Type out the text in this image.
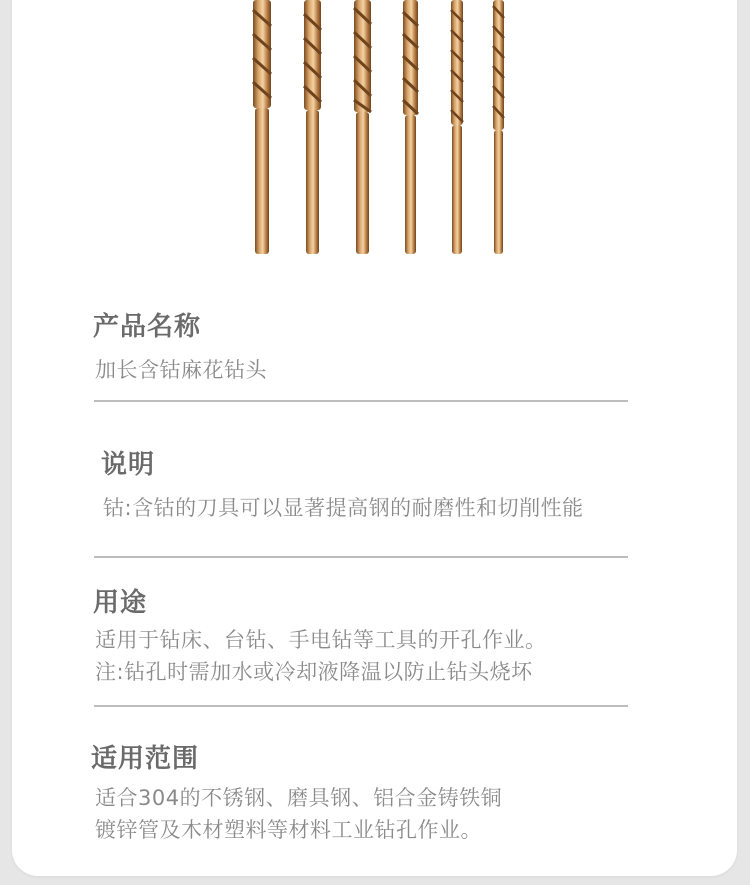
产品名称
加长含钴麻花钻头
说明
钴:含钴的刀具可以显著提高钢的耐磨性和切削性能
用途
适用于钻床、台钻、手电钻等工具的开孔作业。
注:钻孔时需加水或冷却液降温以防止钻头烧坏
适用范围
适合304的不锈钢、磨具钢、铝合金铸铁铜
镀锌管及木材塑料等材料工业钻孔作业。
